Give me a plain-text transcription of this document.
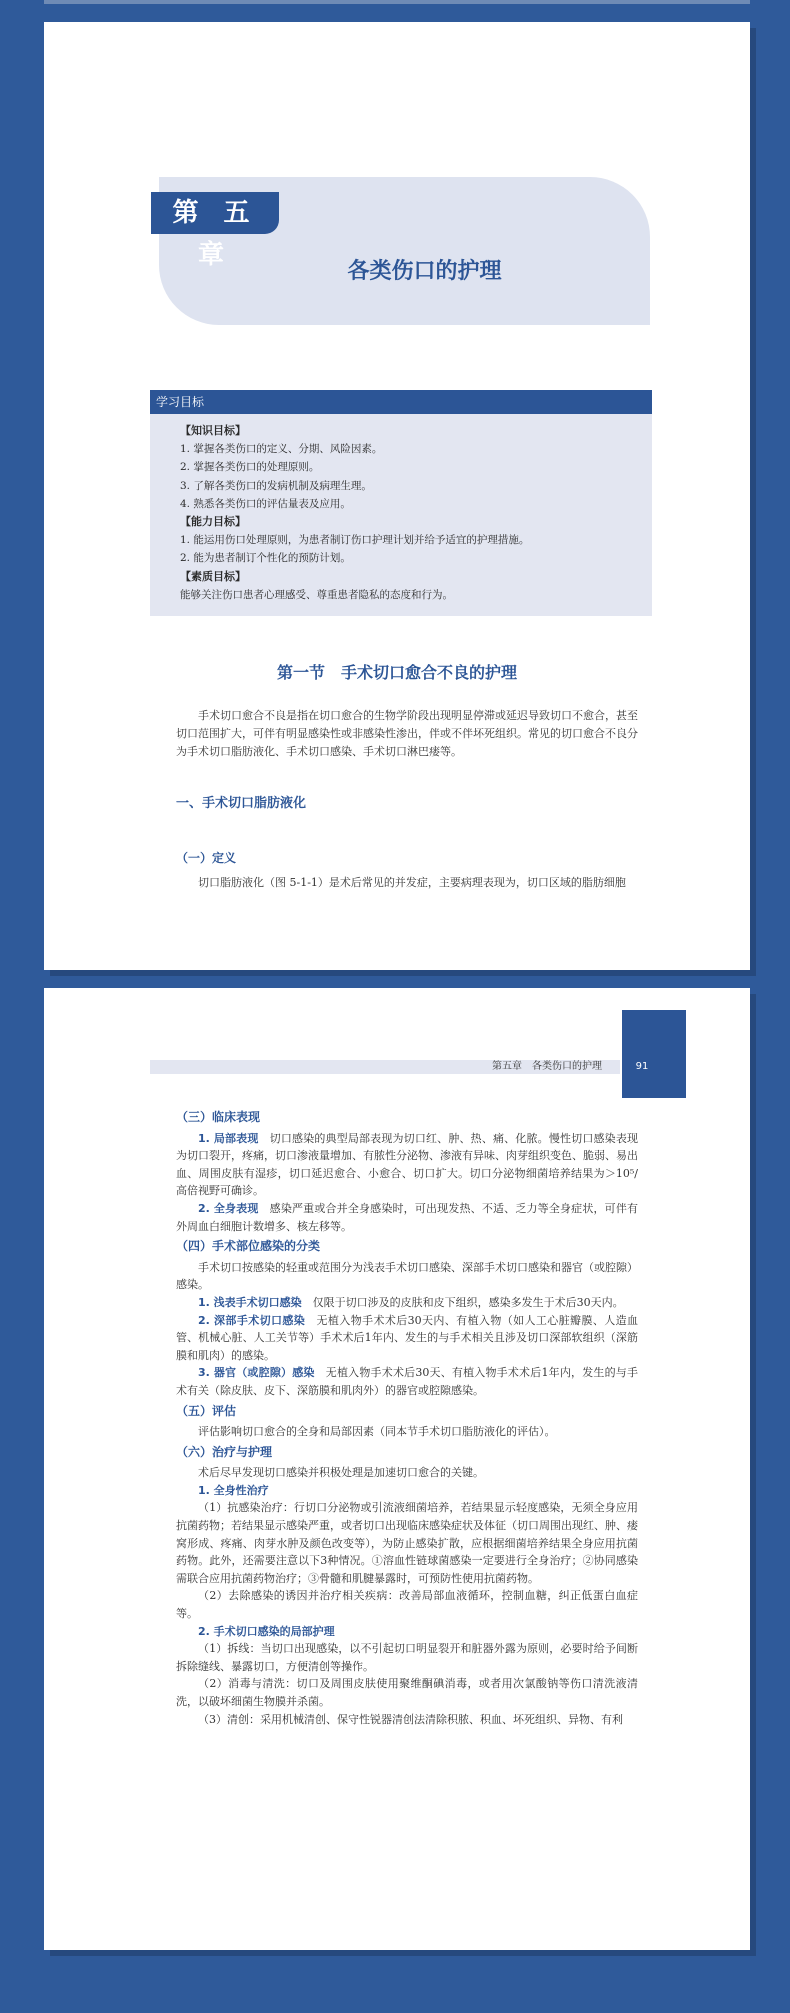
第 五 章
各类伤口的护理
学习目标
【知识目标】
1. 掌握各类伤口的定义、分期、风险因素。
2. 掌握各类伤口的处理原则。
3. 了解各类伤口的发病机制及病理生理。
4. 熟悉各类伤口的评估量表及应用。
【能力目标】
1. 能运用伤口处理原则，为患者制订伤口护理计划并给予适宜的护理措施。
2. 能为患者制订个性化的预防计划。
【素质目标】
能够关注伤口患者心理感受、尊重患者隐私的态度和行为。
第一节　手术切口愈合不良的护理

手术切口愈合不良是指在切口愈合的生物学阶段出现明显停滞或延迟导致切口不愈合，甚至切口范围扩大，可伴有明显感染性或非感染性渗出，伴或不伴坏死组织。常见的切口愈合不良分为手术切口脂肪液化、手术切口感染、手术切口淋巴瘘等。

一、手术切口脂肪液化
（一）定义

切口脂肪液化（图 5-1-1）是术后常见的并发症，主要病理表现为，切口区域的脂肪细胞

第五章　各类伤口的护理	91
（三）临床表现

1. 局部表现　切口感染的典型局部表现为切口红、肿、热、痛、化脓。慢性切口感染表现为切口裂开，疼痛，切口渗液量增加、有脓性分泌物、渗液有异味、肉芽组织变色、脆弱、易出血、周围皮肤有湿疹，切口延迟愈合、小愈合、切口扩大。切口分泌物细菌培养结果为＞10⁵/高倍视野可确诊。

2. 全身表现　感染严重或合并全身感染时，可出现发热、不适、乏力等全身症状，可伴有外周血白细胞计数增多、核左移等。

（四）手术部位感染的分类

手术切口按感染的轻重或范围分为浅表手术切口感染、深部手术切口感染和器官（或腔隙）感染。

1. 浅表手术切口感染　仅限于切口涉及的皮肤和皮下组织，感染多发生于术后30天内。

2. 深部手术切口感染　无植入物手术术后30天内、有植入物（如人工心脏瓣膜、人造血管、机械心脏、人工关节等）手术术后1年内、发生的与手术相关且涉及切口深部软组织（深筋膜和肌肉）的感染。

3. 器官（或腔隙）感染　无植入物手术术后30天、有植入物手术术后1年内，发生的与手术有关（除皮肤、皮下、深筋膜和肌肉外）的器官或腔隙感染。

（五）评估

评估影响切口愈合的全身和局部因素（同本节手术切口脂肪液化的评估）。

（六）治疗与护理

术后尽早发现切口感染并积极处理是加速切口愈合的关键。

1. 全身性治疗

（1）抗感染治疗：行切口分泌物或引流液细菌培养，若结果显示轻度感染，无须全身应用抗菌药物；若结果显示感染严重，或者切口出现临床感染症状及体征（切口周围出现红、肿、瘘窝形成、疼痛、肉芽水肿及颜色改变等），为防止感染扩散，应根据细菌培养结果全身应用抗菌药物。此外，还需要注意以下3种情况。①溶血性链球菌感染一定要进行全身治疗；②协同感染需联合应用抗菌药物治疗；③骨髓和肌腱暴露时，可预防性使用抗菌药物。

（2）去除感染的诱因并治疗相关疾病：改善局部血液循环，控制血糖，纠正低蛋白血症等。

2. 手术切口感染的局部护理

（1）拆线：当切口出现感染，以不引起切口明显裂开和脏器外露为原则，必要时给予间断拆除缝线、暴露切口，方便清创等操作。

（2）消毒与清洗：切口及周围皮肤使用聚维酮碘消毒，或者用次氯酸钠等伤口清洗液清洗，以破坏细菌生物膜并杀菌。

（3）清创：采用机械清创、保守性锐器清创法清除积脓、积血、坏死组织、异物、有利
